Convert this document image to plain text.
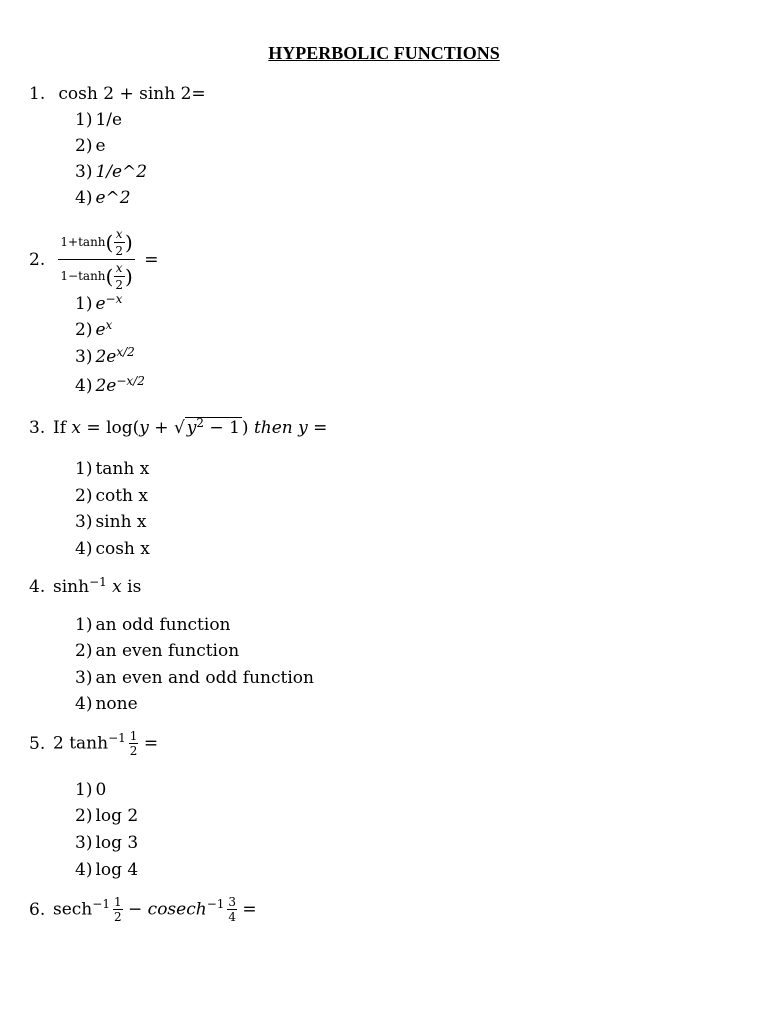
HYPERBOLIC FUNCTIONS
1. cosh 2 + sinh 2=
1) 1/e
2) e
3) 1/e^2
4) e^2
2. $\frac{1+\tanh( \frac{x}{2} )}{1-\tanh( \frac{x}{2} )}$ =
1) $e^{-x}$
2) $e^x$
3) $2e^{x/2}$
4) $2e^{-x/2}$
3. If x = log(y + √ $y^2 - 1$ ) then y =
1) tanh x
2) coth x
3) sinh x
4) cosh x
4. $\sinh^{-1} x$ is
1) an odd function
2) an even function
3) an even and odd function
4) none
5. 2 $\tanh^{-1} \frac{1}{2}$ =
1) 0
2) log 2
3) log 3
4) log 4
6. $\sec h^{-1} \frac{1}{2} - cosech^{-1} \frac{3}{4}$ =
